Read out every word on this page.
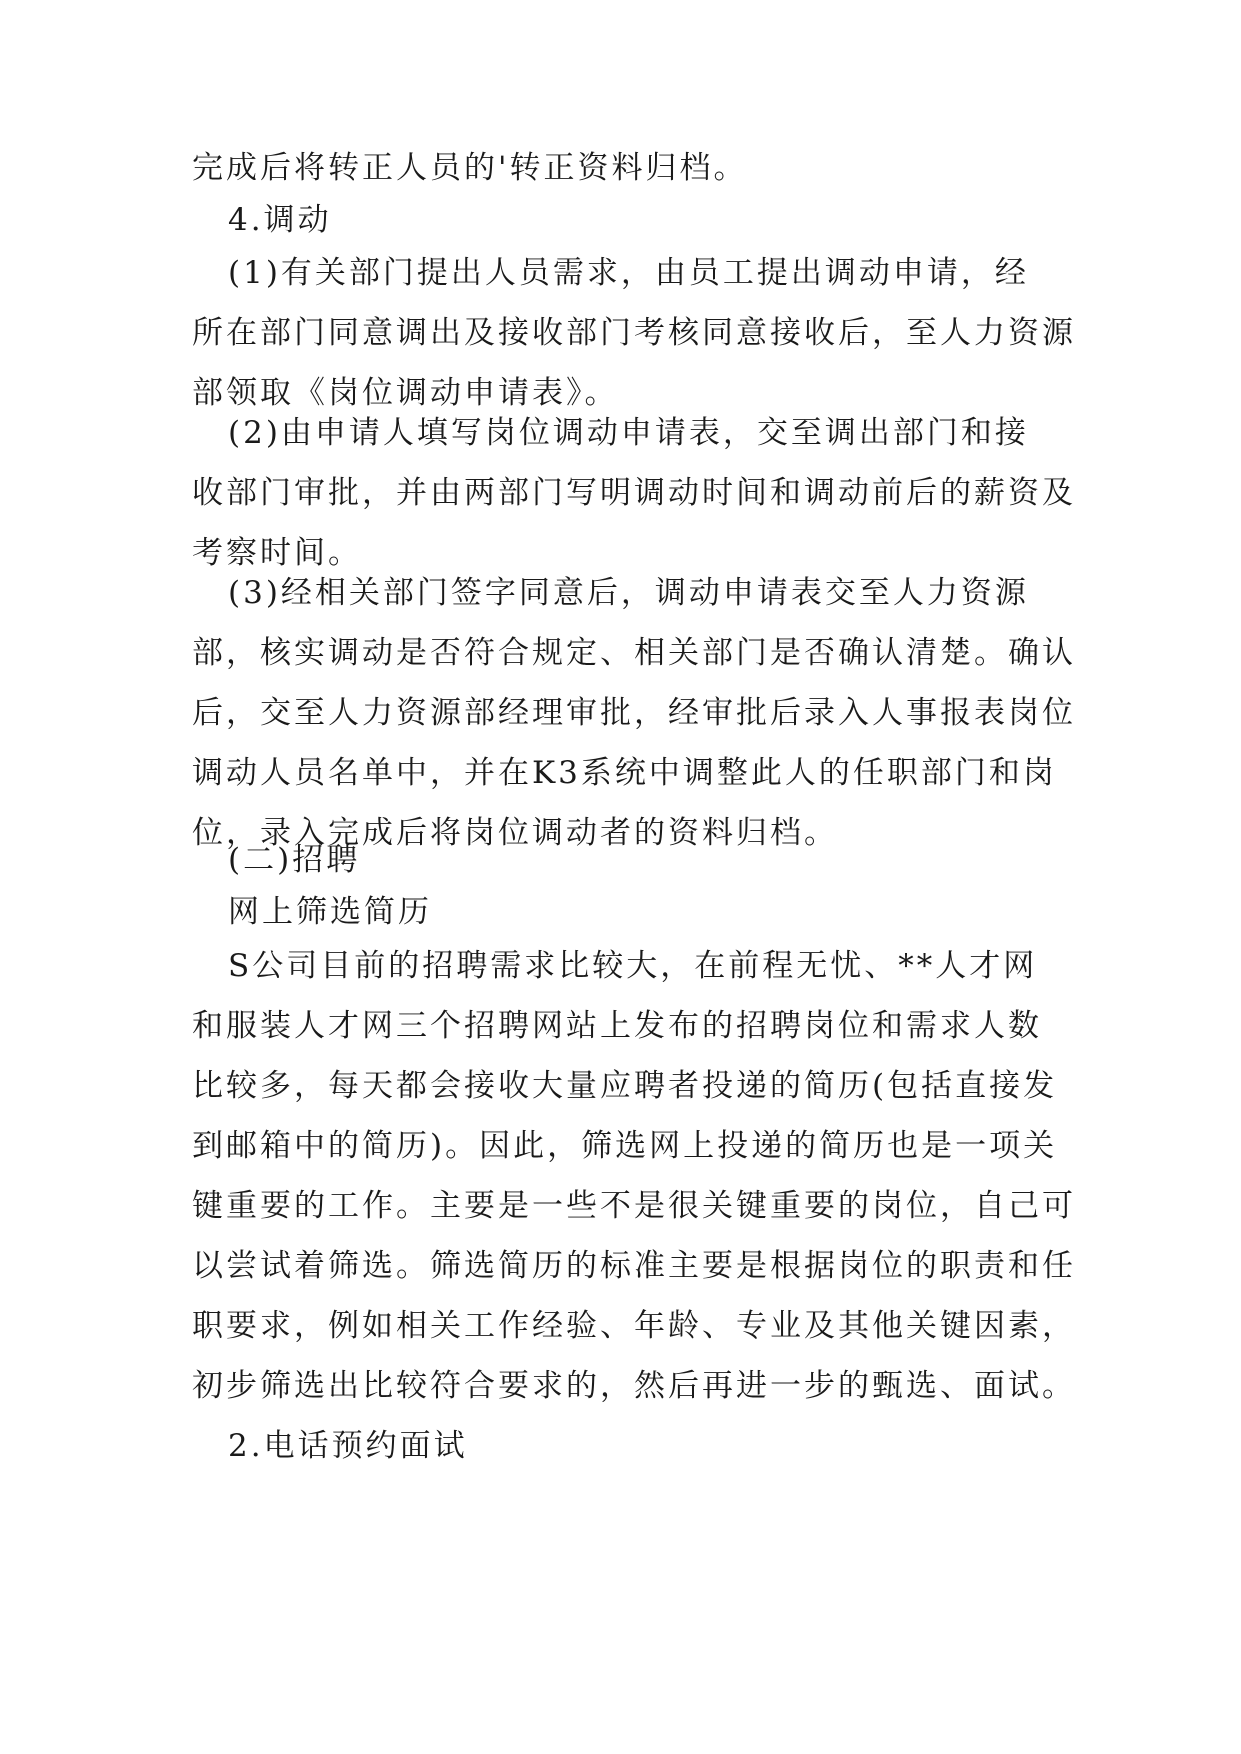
完成后将转正人员的'转正资料归档。
4.调动
(1)有关部门提出人员需求，由员工提出调动申请，经
所在部门同意调出及接收部门考核同意接收后，至人力资源
部领取《岗位调动申请表》。
(2)由申请人填写岗位调动申请表，交至调出部门和接
收部门审批，并由两部门写明调动时间和调动前后的薪资及
考察时间。
(3)经相关部门签字同意后，调动申请表交至人力资源
部，核实调动是否符合规定、相关部门是否确认清楚。确认
后，交至人力资源部经理审批，经审批后录入人事报表岗位
调动人员名单中，并在K3系统中调整此人的任职部门和岗
位，录入完成后将岗位调动者的资料归档。
(二)招聘
网上筛选简历
S公司目前的招聘需求比较大，在前程无忧、**人才网
和服装人才网三个招聘网站上发布的招聘岗位和需求人数
比较多，每天都会接收大量应聘者投递的简历(包括直接发
到邮箱中的简历)。因此，筛选网上投递的简历也是一项关
键重要的工作。主要是一些不是很关键重要的岗位，自己可
以尝试着筛选。筛选简历的标准主要是根据岗位的职责和任
职要求，例如相关工作经验、年龄、专业及其他关键因素，
初步筛选出比较符合要求的，然后再进一步的甄选、面试。
2.电话预约面试
